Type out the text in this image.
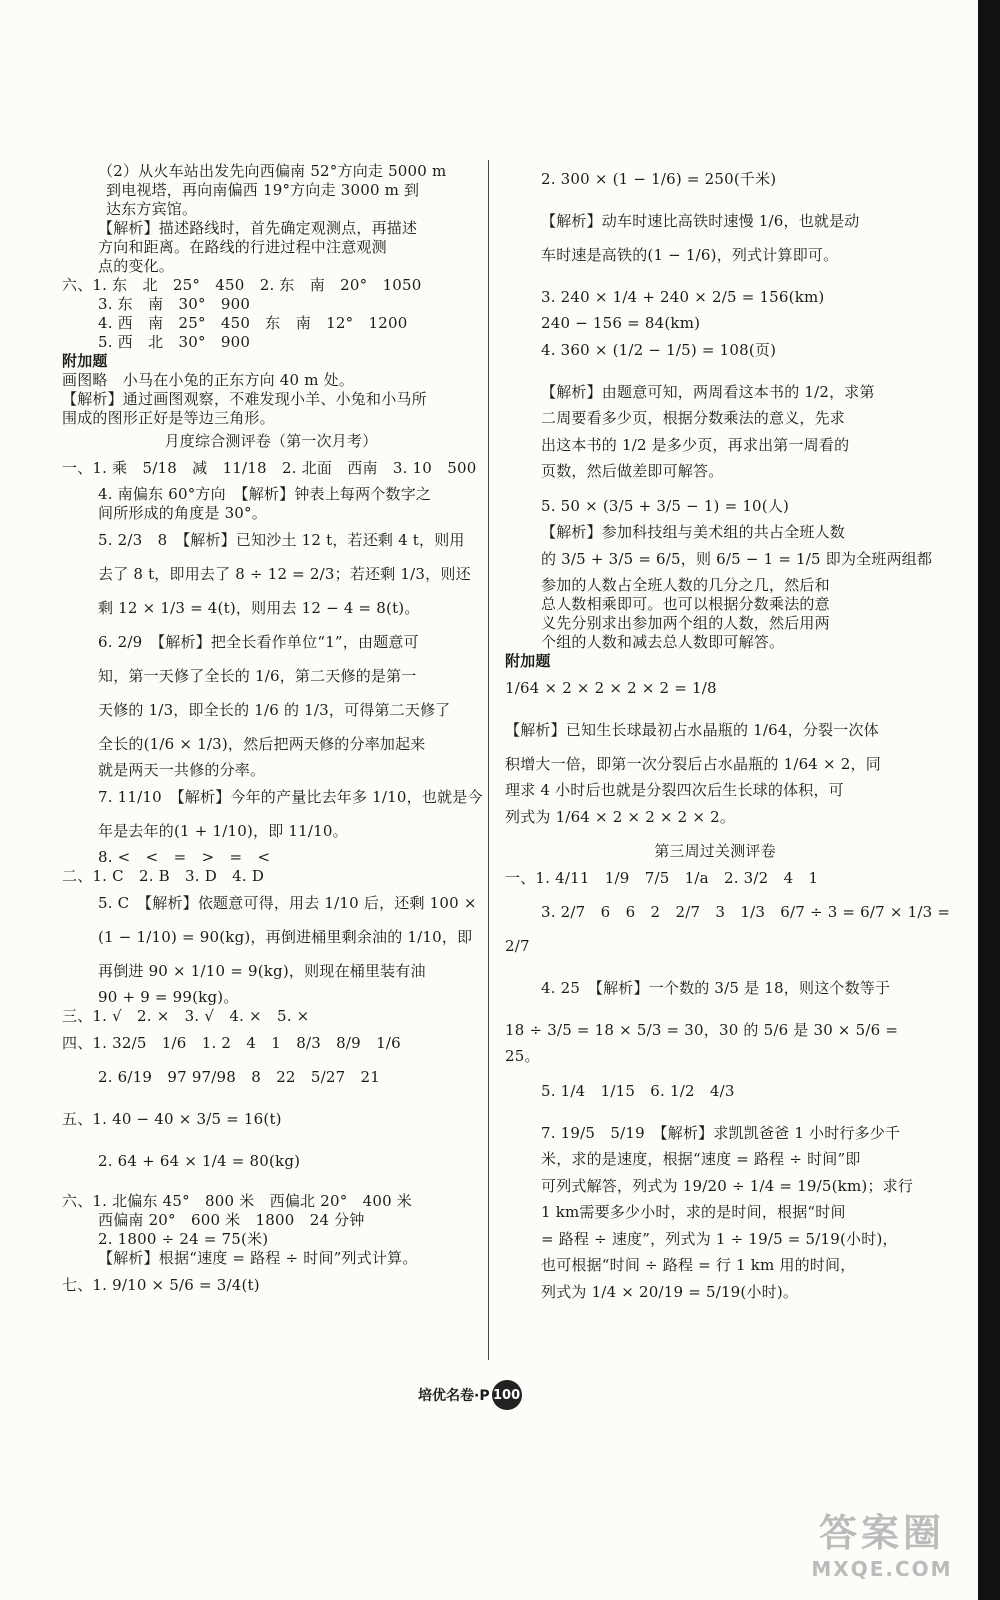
（2）从火车站出发先向西偏南 52°方向走 5000 m
到电视塔，再向南偏西 19°方向走 3000 m 到
达东方宾馆。
【解析】描述路线时，首先确定观测点，再描述
方向和距离。在路线的行进过程中注意观测
点的变化。
六、1. 东　北　25°　450　2. 东　南　20°　1050
3. 东　南　30°　900
4. 西　南　25°　450　东　南　12°　1200
5. 西　北　30°　900
附加题
画图略　小马在小兔的正东方向 40 m 处。
【解析】通过画图观察，不难发现小羊、小兔和小马所
围成的图形正好是等边三角形。
月度综合测评卷（第一次月考）
一、1. 乘　5/18　减　11/18　2. 北面　西南　3. 10　500
4. 南偏东 60°方向　【解析】钟表上每两个数字之
间所形成的角度是 30°。
5. 2/3　8　【解析】已知沙土 12 t，若还剩 4 t，则用
去了 8 t，即用去了 8 ÷ 12 = 2/3；若还剩 1/3，则还
剩 12 × 1/3 = 4(t)，则用去 12 − 4 = 8(t)。
6. 2/9　【解析】把全长看作单位“1”，由题意可
知，第一天修了全长的 1/6，第二天修的是第一
天修的 1/3，即全长的 1/6 的 1/3，可得第二天修了
全长的(1/6 × 1/3)，然后把两天修的分率加起来
就是两天一共修的分率。
7. 11/10　【解析】今年的产量比去年多 1/10，也就是今
年是去年的(1 + 1/10)，即 11/10。
8. <　<　=　>　=　<
二、1. C　2. B　3. D　4. D
5. C　【解析】依题意可得，用去 1/10 后，还剩 100 ×
(1 − 1/10) = 90(kg)，再倒进桶里剩余油的 1/10，即
再倒进 90 × 1/10 = 9(kg)，则现在桶里装有油
90 + 9 = 99(kg)。
三、1. √　2. ×　3. √　4. ×　5. ×
四、1. 32/5　1/6　1. 2　4　1　8/3　8/9　1/6
2. 6/19　97 97/98　8　22　5/27　21
五、1. 40 − 40 × 3/5 = 16(t)
2. 64 + 64 × 1/4 = 80(kg)
六、1. 北偏东 45°　800 米　西偏北 20°　400 米
西偏南 20°　600 米　1800　24 分钟
2. 1800 ÷ 24 = 75(米)
【解析】根据“速度 = 路程 ÷ 时间”列式计算。
七、1. 9/10 × 5/6 = 3/4(t)
2. 300 × (1 − 1/6) = 250(千米)
【解析】动车时速比高铁时速慢 1/6，也就是动
车时速是高铁的(1 − 1/6)，列式计算即可。
3. 240 × 1/4 + 240 × 2/5 = 156(km)
240 − 156 = 84(km)
4. 360 × (1/2 − 1/5) = 108(页)
【解析】由题意可知，两周看这本书的 1/2，求第
二周要看多少页，根据分数乘法的意义，先求
出这本书的 1/2 是多少页，再求出第一周看的
页数，然后做差即可解答。
5. 50 × (3/5 + 3/5 − 1) = 10(人)
【解析】参加科技组与美术组的共占全班人数
的 3/5 + 3/5 = 6/5，则 6/5 − 1 = 1/5 即为全班两组都
参加的人数占全班人数的几分之几，然后和
总人数相乘即可。也可以根据分数乘法的意
义先分别求出参加两个组的人数，然后用两
个组的人数和减去总人数即可解答。
附加题
1/64 × 2 × 2 × 2 × 2 = 1/8
【解析】已知生长球最初占水晶瓶的 1/64，分裂一次体
积增大一倍，即第一次分裂后占水晶瓶的 1/64 × 2，同
理求 4 小时后也就是分裂四次后生长球的体积，可
列式为 1/64 × 2 × 2 × 2 × 2。
第三周过关测评卷
一、1. 4/11　1/9　7/5　1/a　2. 3/2　4　1
3. 2/7　6　6　2　2/7　3　1/3　6/7 ÷ 3 = 6/7 × 1/3 =
2/7
4. 25　【解析】一个数的 3/5 是 18，则这个数等于
18 ÷ 3/5 = 18 × 5/3 = 30，30 的 5/6 是 30 × 5/6 =
25。
5. 1/4　1/15　6. 1/2　4/3
7. 19/5　5/19　【解析】求凯凯爸爸 1 小时行多少千
米，求的是速度，根据“速度 = 路程 ÷ 时间”即
可列式解答，列式为 19/20 ÷ 1/4 = 19/5(km)；求行
1 km需要多少小时，求的是时间，根据“时间
= 路程 ÷ 速度”，列式为 1 ÷ 19/5 = 5/19(小时)，
也可根据“时间 ÷ 路程 = 行 1 km 用的时间，
列式为 1/4 × 20/19 = 5/19(小时)。
培优名卷·P 100
答案圈
MXQE.COM
